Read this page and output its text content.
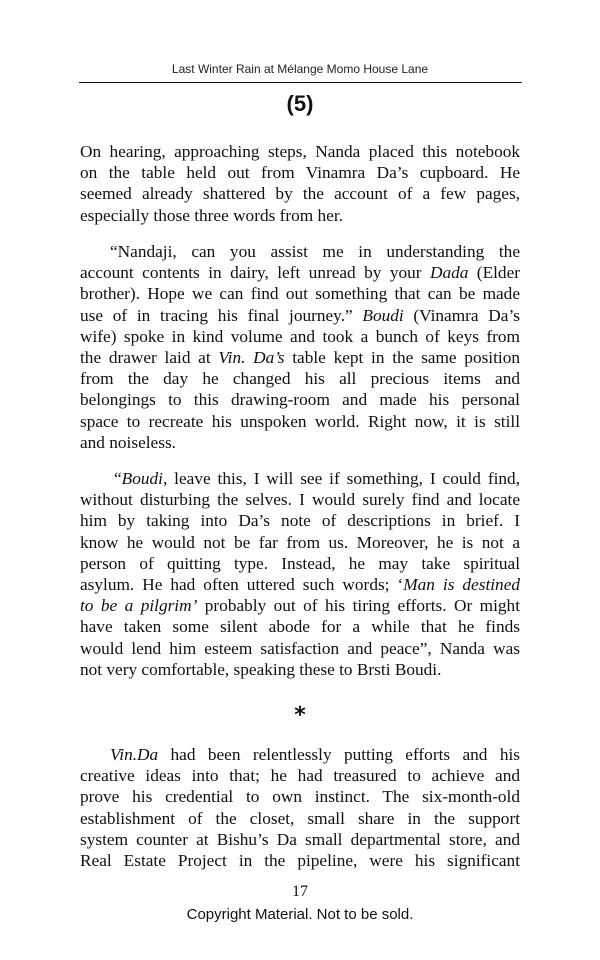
Last Winter Rain at Mélange Momo House Lane
(5)
On hearing, approaching steps, Nanda placed this notebook
on the table held out from Vinamra Da’s cupboard. He
seemed already shattered by the account of a few pages,
especially those three words from her.
“Nandaji, can you assist me in understanding the
account contents in dairy, left unread by your Dada (Elder
brother). Hope we can find out something that can be made
use of in tracing his final journey.” Boudi (Vinamra Da’s
wife) spoke in kind volume and took a bunch of keys from
the drawer laid at Vin. Da’s table kept in the same position
from the day he changed his all precious items and
belongings to this drawing-room and made his personal
space to recreate his unspoken world. Right now, it is still
and noiseless.
“Boudi, leave this, I will see if something, I could find,
without disturbing the selves. I would surely find and locate
him by taking into Da’s note of descriptions in brief. I
know he would not be far from us. Moreover, he is not a
person of quitting type. Instead, he may take spiritual
asylum. He had often uttered such words; ‘Man is destined
to be a pilgrim’ probably out of his tiring efforts. Or might
have taken some silent abode for a while that he finds
would lend him esteem satisfaction and peace”, Nanda was
not very comfortable, speaking these to Brsti Boudi.
*
Vin.Da had been relentlessly putting efforts and his
creative ideas into that; he had treasured to achieve and
prove his credential to own instinct. The six-month-old
establishment of the closet, small share in the support
system counter at Bishu’s Da small departmental store, and
Real Estate Project in the pipeline, were his significant
17
Copyright Material. Not to be sold.
